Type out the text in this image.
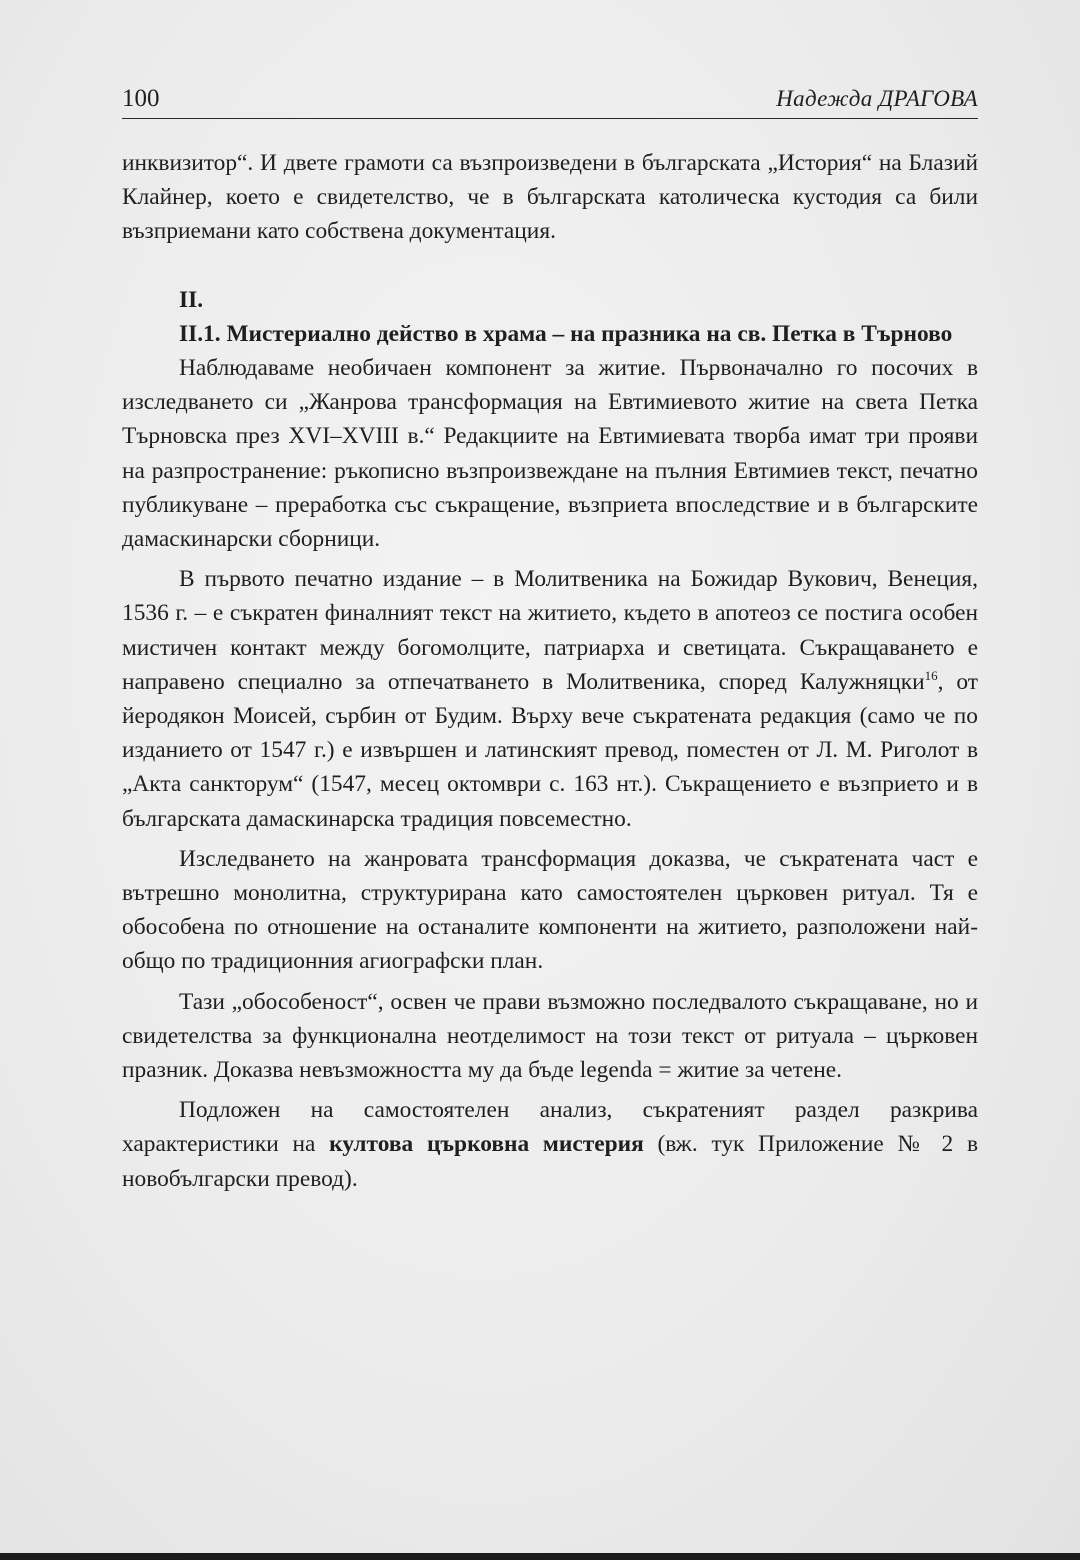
100	Надежда ДРАГОВА

инквизитор“. И двете грамоти са възпроизведени в българската „История“ на Блазий Клайнер, което е свидетелство, че в българската католическа кустодия са били възприемани като собствена документация.

II.

II.1. Мистериално действо в храма – на празника на св. Петка в Търново

Наблюдаваме необичаен компонент за житие. Първоначално го посочих в изследването си „Жанрова трансформация на Евтимиевото житие на света Петка Търновска през XVI–XVIII в.“ Редакциите на Евтимиевата творба имат три прояви на разпространение: ръкописно възпроизвеждане на пълния Евтимиев текст, печатно публикуване – преработка със съкращение, възприета впоследствие и в българските дамаскинарски сборници.

В първото печатно издание – в Молитвеника на Божидар Вукович, Венеция, 1536 г. – е съкратен финалният текст на житието, където в апотеоз се постига особен мистичен контакт между богомолците, патриарха и светицата. Съкращаването е направено специално за отпечатването в Молитвеника, според Калужняцки$^{16}$, от йеродякон Моисей, сърбин от Будим. Върху вече съкратената редакция (само че по изданието от 1547 г.) е извършен и латинският превод, поместен от Л. М. Риголот в „Акта санкторум“ (1547, месец октомври с. 163 нт.). Съкращението е възприето и в българската дамаскинарска традиция повсеместно.

Изследването на жанровата трансформация доказва, че съкратената част е вътрешно монолитна, структурирана като самостоятелен църковен ритуал. Тя е обособена по отношение на останалите компоненти на житието, разположени най-общо по традиционния агиографски план.

Тази „обособеност“, освен че прави възможно последвалото съкращаване, но и свидетелства за функционална неотделимост на този текст от ритуала – църковен празник. Доказва невъзможността му да бъде legenda = житие за четене.

Подложен на самостоятелен анализ, съкратеният раздел разкрива характеристики на култова църковна мистерия (вж. тук Приложение № 2 в новобългарски превод).
